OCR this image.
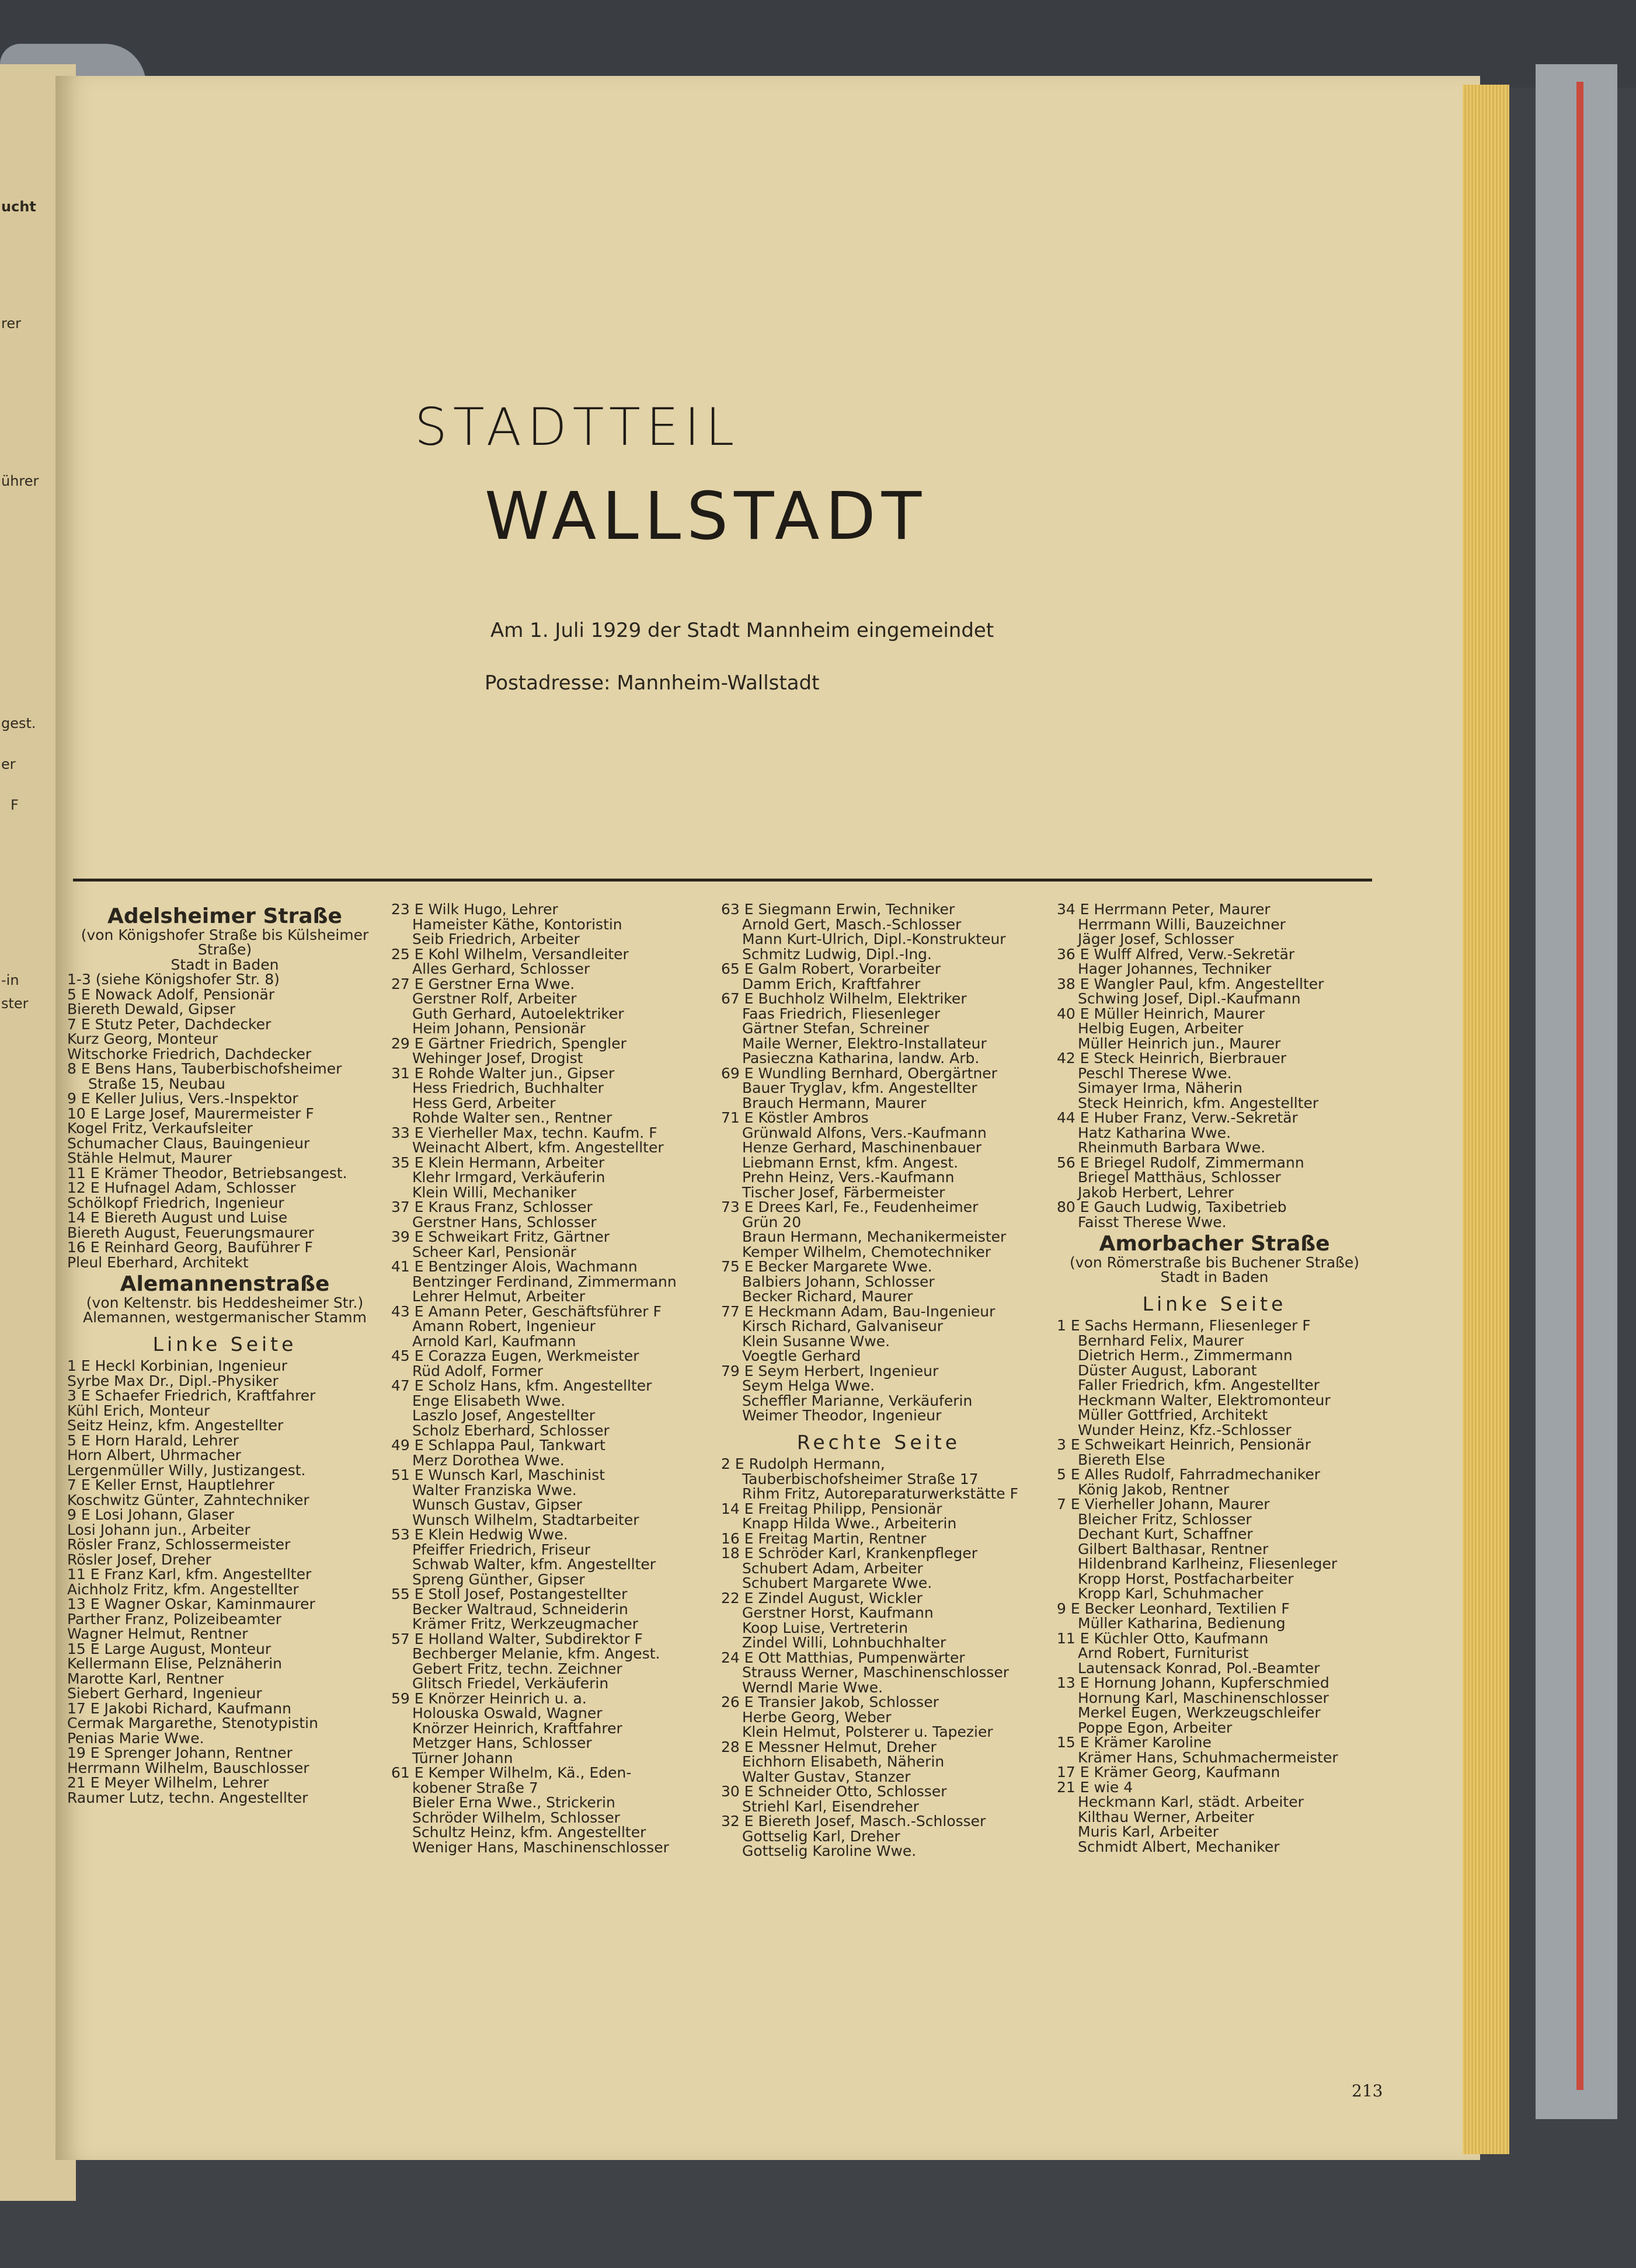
ucht
rer
ührer
gest.
er
F
-in
ster
STADTTEIL
WALLSTADT
Am 1. Juli 1929 der Stadt Mannheim eingemeindet
Postadresse: Mannheim-Wallstadt
Adelsheimer Straße

(von Königshofer Straße bis Külsheimer Straße)

Stadt in Baden

1-3 (siehe Königshofer Str. 8)

5 E Nowack Adolf, Pensionär

Biereth Dewald, Gipser

7 E Stutz Peter, Dachdecker

Kurz Georg, Monteur

Witschorke Friedrich, Dachdecker

8 E Bens Hans, Tauberbischofsheimer

Straße 15, Neubau

9 E Keller Julius, Vers.-Inspektor

10 E Large Josef, Maurermeister F

Kogel Fritz, Verkaufsleiter

Schumacher Claus, Bauingenieur

Stähle Helmut, Maurer

11 E Krämer Theodor, Betriebsangest.

12 E Hufnagel Adam, Schlosser

Schölkopf Friedrich, Ingenieur

14 E Biereth August und Luise

Biereth August, Feuerungsmaurer

16 E Reinhard Georg, Bauführer F

Pleul Eberhard, Architekt

Alemannenstraße

(von Keltenstr. bis Heddesheimer Str.)

Alemannen, westgermanischer Stamm

Linke Seite

1 E Heckl Korbinian, Ingenieur

Syrbe Max Dr., Dipl.-Physiker

3 E Schaefer Friedrich, Kraftfahrer

Kühl Erich, Monteur

Seitz Heinz, kfm. Angestellter

5 E Horn Harald, Lehrer

Horn Albert, Uhrmacher

Lergenmüller Willy, Justizangest.

7 E Keller Ernst, Hauptlehrer

Koschwitz Günter, Zahntechniker

9 E Losi Johann, Glaser

Losi Johann jun., Arbeiter

Rösler Franz, Schlossermeister

Rösler Josef, Dreher

11 E Franz Karl, kfm. Angestellter

Aichholz Fritz, kfm. Angestellter

13 E Wagner Oskar, Kaminmaurer

Parther Franz, Polizeibeamter

Wagner Helmut, Rentner

15 E Large August, Monteur

Kellermann Elise, Pelznäherin

Marotte Karl, Rentner

Siebert Gerhard, Ingenieur

17 E Jakobi Richard, Kaufmann

Cermak Margarethe, Stenotypistin

Penias Marie Wwe.

19 E Sprenger Johann, Rentner

Herrmann Wilhelm, Bauschlosser

21 E Meyer Wilhelm, Lehrer

Raumer Lutz, techn. Angestellter

23 E Wilk Hugo, Lehrer

Hameister Käthe, Kontoristin

Seib Friedrich, Arbeiter

25 E Kohl Wilhelm, Versandleiter

Alles Gerhard, Schlosser

27 E Gerstner Erna Wwe.

Gerstner Rolf, Arbeiter

Guth Gerhard, Autoelektriker

Heim Johann, Pensionär

29 E Gärtner Friedrich, Spengler

Wehinger Josef, Drogist

31 E Rohde Walter jun., Gipser

Hess Friedrich, Buchhalter

Hess Gerd, Arbeiter

Rohde Walter sen., Rentner

33 E Vierheller Max, techn. Kaufm. F

Weinacht Albert, kfm. Angestellter

35 E Klein Hermann, Arbeiter

Klehr Irmgard, Verkäuferin

Klein Willi, Mechaniker

37 E Kraus Franz, Schlosser

Gerstner Hans, Schlosser

39 E Schweikart Fritz, Gärtner

Scheer Karl, Pensionär

41 E Bentzinger Alois, Wachmann

Bentzinger Ferdinand, Zimmermann

Lehrer Helmut, Arbeiter

43 E Amann Peter, Geschäftsführer F

Amann Robert, Ingenieur

Arnold Karl, Kaufmann

45 E Corazza Eugen, Werkmeister

Rüd Adolf, Former

47 E Scholz Hans, kfm. Angestellter

Enge Elisabeth Wwe.

Laszlo Josef, Angestellter

Scholz Eberhard, Schlosser

49 E Schlappa Paul, Tankwart

Merz Dorothea Wwe.

51 E Wunsch Karl, Maschinist

Walter Franziska Wwe.

Wunsch Gustav, Gipser

Wunsch Wilhelm, Stadtarbeiter

53 E Klein Hedwig Wwe.

Pfeiffer Friedrich, Friseur

Schwab Walter, kfm. Angestellter

Spreng Günther, Gipser

55 E Stoll Josef, Postangestellter

Becker Waltraud, Schneiderin

Krämer Fritz, Werkzeugmacher

57 E Holland Walter, Subdirektor F

Bechberger Melanie, kfm. Angest.

Gebert Fritz, techn. Zeichner

Glitsch Friedel, Verkäuferin

59 E Knörzer Heinrich u. a.

Holouska Oswald, Wagner

Knörzer Heinrich, Kraftfahrer

Metzger Hans, Schlosser

Türner Johann

61 E Kemper Wilhelm, Kä., Eden-

kobener Straße 7

Bieler Erna Wwe., Strickerin

Schröder Wilhelm, Schlosser

Schultz Heinz, kfm. Angestellter

Weniger Hans, Maschinenschlosser

63 E Siegmann Erwin, Techniker

Arnold Gert, Masch.-Schlosser

Mann Kurt-Ulrich, Dipl.-Konstrukteur

Schmitz Ludwig, Dipl.-Ing.

65 E Galm Robert, Vorarbeiter

Damm Erich, Kraftfahrer

67 E Buchholz Wilhelm, Elektriker

Faas Friedrich, Fliesenleger

Gärtner Stefan, Schreiner

Maile Werner, Elektro-Installateur

Pasieczna Katharina, landw. Arb.

69 E Wundling Bernhard, Obergärtner

Bauer Tryglav, kfm. Angestellter

Brauch Hermann, Maurer

71 E Köstler Ambros

Grünwald Alfons, Vers.-Kaufmann

Henze Gerhard, Maschinenbauer

Liebmann Ernst, kfm. Angest.

Prehn Heinz, Vers.-Kaufmann

Tischer Josef, Färbermeister

73 E Drees Karl, Fe., Feudenheimer

Grün 20

Braun Hermann, Mechanikermeister

Kemper Wilhelm, Chemotechniker

75 E Becker Margarete Wwe.

Balbiers Johann, Schlosser

Becker Richard, Maurer

77 E Heckmann Adam, Bau-Ingenieur

Kirsch Richard, Galvaniseur

Klein Susanne Wwe.

Voegtle Gerhard

79 E Seym Herbert, Ingenieur

Seym Helga Wwe.

Scheffler Marianne, Verkäuferin

Weimer Theodor, Ingenieur

Rechte Seite

2 E Rudolph Hermann,

Tauberbischofsheimer Straße 17

Rihm Fritz, Autoreparaturwerkstätte F

14 E Freitag Philipp, Pensionär

Knapp Hilda Wwe., Arbeiterin

16 E Freitag Martin, Rentner

18 E Schröder Karl, Krankenpfleger

Schubert Adam, Arbeiter

Schubert Margarete Wwe.

22 E Zindel August, Wickler

Gerstner Horst, Kaufmann

Koop Luise, Vertreterin

Zindel Willi, Lohnbuchhalter

24 E Ott Matthias, Pumpenwärter

Strauss Werner, Maschinenschlosser

Werndl Marie Wwe.

26 E Transier Jakob, Schlosser

Herbe Georg, Weber

Klein Helmut, Polsterer u. Tapezier

28 E Messner Helmut, Dreher

Eichhorn Elisabeth, Näherin

Walter Gustav, Stanzer

30 E Schneider Otto, Schlosser

Striehl Karl, Eisendreher

32 E Biereth Josef, Masch.-Schlosser

Gottselig Karl, Dreher

Gottselig Karoline Wwe.

34 E Herrmann Peter, Maurer

Herrmann Willi, Bauzeichner

Jäger Josef, Schlosser

36 E Wulff Alfred, Verw.-Sekretär

Hager Johannes, Techniker

38 E Wangler Paul, kfm. Angestellter

Schwing Josef, Dipl.-Kaufmann

40 E Müller Heinrich, Maurer

Helbig Eugen, Arbeiter

Müller Heinrich jun., Maurer

42 E Steck Heinrich, Bierbrauer

Peschl Therese Wwe.

Simayer Irma, Näherin

Steck Heinrich, kfm. Angestellter

44 E Huber Franz, Verw.-Sekretär

Hatz Katharina Wwe.

Rheinmuth Barbara Wwe.

56 E Briegel Rudolf, Zimmermann

Briegel Matthäus, Schlosser

Jakob Herbert, Lehrer

80 E Gauch Ludwig, Taxibetrieb

Faisst Therese Wwe.

Amorbacher Straße

(von Römerstraße bis Buchener Straße)

Stadt in Baden

Linke Seite

1 E Sachs Hermann, Fliesenleger F

Bernhard Felix, Maurer

Dietrich Herm., Zimmermann

Düster August, Laborant

Faller Friedrich, kfm. Angestellter

Heckmann Walter, Elektromonteur

Müller Gottfried, Architekt

Wunder Heinz, Kfz.-Schlosser

3 E Schweikart Heinrich, Pensionär

Biereth Else

5 E Alles Rudolf, Fahrradmechaniker

König Jakob, Rentner

7 E Vierheller Johann, Maurer

Bleicher Fritz, Schlosser

Dechant Kurt, Schaffner

Gilbert Balthasar, Rentner

Hildenbrand Karlheinz, Fliesenleger

Kropp Horst, Postfacharbeiter

Kropp Karl, Schuhmacher

9 E Becker Leonhard, Textilien F

Müller Katharina, Bedienung

11 E Küchler Otto, Kaufmann

Arnd Robert, Furniturist

Lautensack Konrad, Pol.-Beamter

13 E Hornung Johann, Kupferschmied

Hornung Karl, Maschinenschlosser

Merkel Eugen, Werkzeugschleifer

Poppe Egon, Arbeiter

15 E Krämer Karoline

Krämer Hans, Schuhmachermeister

17 E Krämer Georg, Kaufmann

21 E wie 4

Heckmann Karl, städt. Arbeiter

Kilthau Werner, Arbeiter

Muris Karl, Arbeiter

Schmidt Albert, Mechaniker

213
